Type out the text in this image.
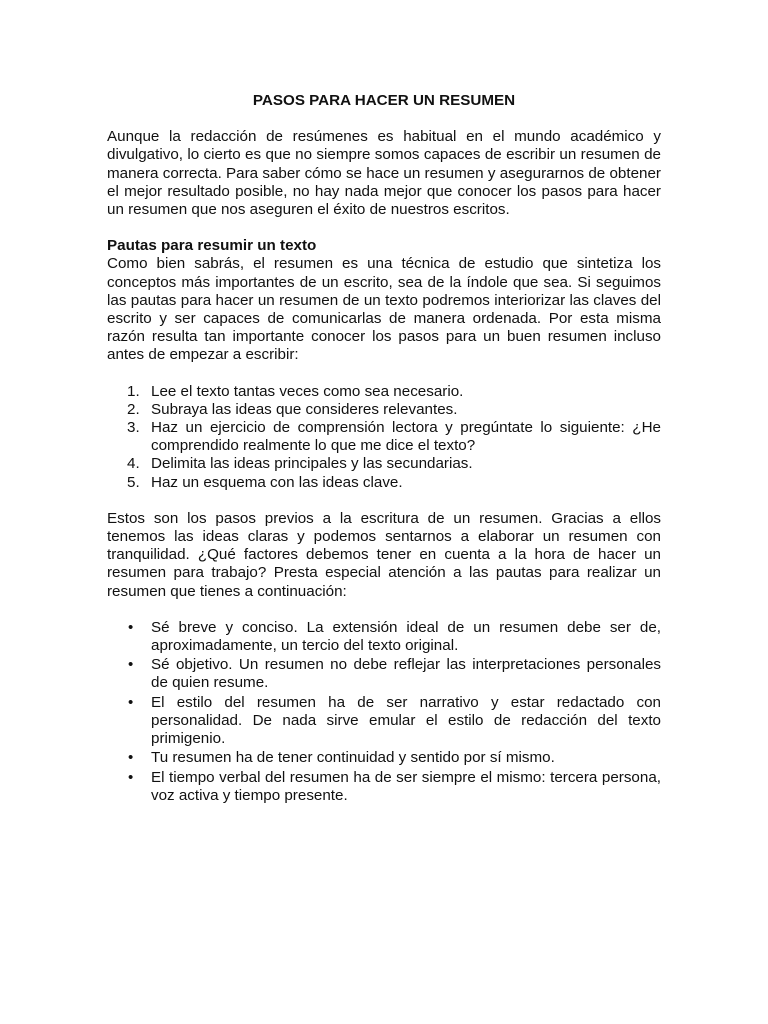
PASOS PARA HACER UN RESUMEN

Aunque la redacción de resúmenes es habitual en el mundo académico y divulgativo, lo cierto es que no siempre somos capaces de escribir un resumen de manera correcta. Para saber cómo se hace un resumen y asegurarnos de obtener el mejor resultado posible, no hay nada mejor que conocer los pasos para hacer un resumen que nos aseguren el éxito de nuestros escritos.

Pautas para resumir un texto

Como bien sabrás, el resumen es una técnica de estudio que sintetiza los conceptos más importantes de un escrito, sea de la índole que sea. Si seguimos las pautas para hacer un resumen de un texto podremos interiorizar las claves del escrito y ser capaces de comunicarlas de manera ordenada. Por esta misma razón resulta tan importante conocer los pasos para un buen resumen incluso antes de empezar a escribir:

1. Lee el texto tantas veces como sea necesario.
2. Subraya las ideas que consideres relevantes.
3. Haz un ejercicio de comprensión lectora y pregúntate lo siguiente: ¿He comprendido realmente lo que me dice el texto?
4. Delimita las ideas principales y las secundarias.
5. Haz un esquema con las ideas clave.

Estos son los pasos previos a la escritura de un resumen. Gracias a ellos tenemos las ideas claras y podemos sentarnos a elaborar un resumen con tranquilidad. ¿Qué factores debemos tener en cuenta a la hora de hacer un resumen para trabajo? Presta especial atención a las pautas para realizar un resumen que tienes a continuación:

• Sé breve y conciso. La extensión ideal de un resumen debe ser de, aproximadamente, un tercio del texto original.
• Sé objetivo. Un resumen no debe reflejar las interpretaciones personales de quien resume.
• El estilo del resumen ha de ser narrativo y estar redactado con personalidad. De nada sirve emular el estilo de redacción del texto primigenio.
• Tu resumen ha de tener continuidad y sentido por sí mismo.
• El tiempo verbal del resumen ha de ser siempre el mismo: tercera persona, voz activa y tiempo presente.
